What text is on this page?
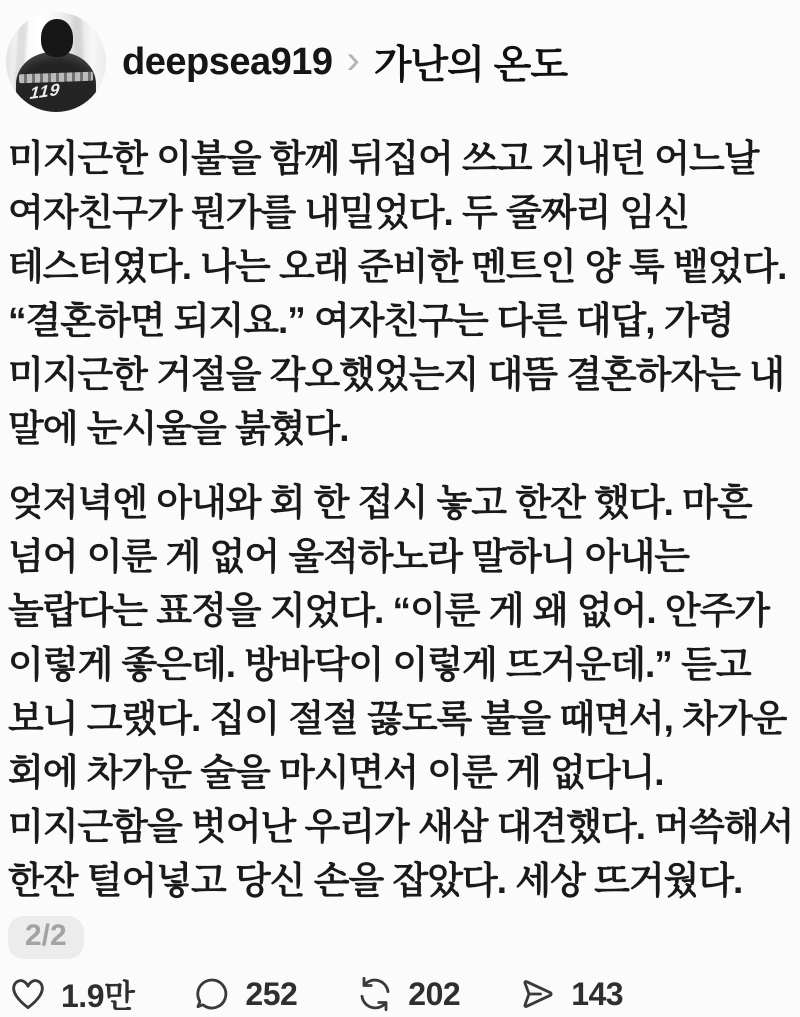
119
deepsea919 › 가난의 온도
미지근한 이불을 함께 뒤집어 쓰고 지내던 어느날
여자친구가 뭔가를 내밀었다. 두 줄짜리 임신
테스터였다. 나는 오래 준비한 멘트인 양 툭 뱉었다.
“결혼하면 되지요.” 여자친구는 다른 대답, 가령
미지근한 거절을 각오했었는지 대뜸 결혼하자는 내
말에 눈시울을 붉혔다.
엊저녁엔 아내와 회 한 접시 놓고 한잔 했다. 마흔
넘어 이룬 게 없어 울적하노라 말하니 아내는
놀랍다는 표정을 지었다. “이룬 게 왜 없어. 안주가
이렇게 좋은데. 방바닥이 이렇게 뜨거운데.” 듣고
보니 그랬다. 집이 절절 끓도록 불을 때면서, 차가운
회에 차가운 술을 마시면서 이룬 게 없다니.
미지근함을 벗어난 우리가 새삼 대견했다. 머쓱해서
한잔 털어넣고 당신 손을 잡았다. 세상 뜨거웠다.
2/2
1.9만	252	202	143
